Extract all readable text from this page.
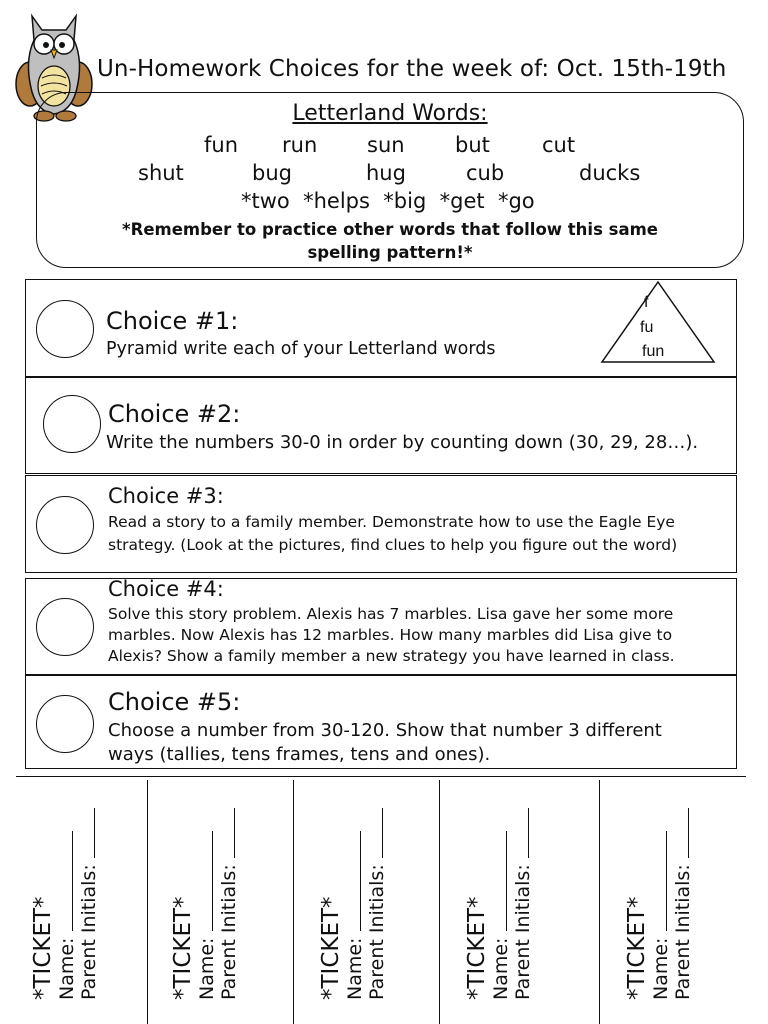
Un-Homework Choices for the week of: Oct. 15th-19th
Letterland Words:
fun run sun but cut
shut	bug	hug	cub	ducks
*two  *helps  *big  *get  *go
*Remember to practice other words that follow this same
spelling pattern!*
Choice #1:
Pyramid write each of your Letterland words
f
fu
fun
Choice #2:
Write the numbers 30-0 in order by counting down (30, 29, 28…).
Choice #3:
Read a story to a family member. Demonstrate how to use the Eagle Eye
strategy. (Look at the pictures, find clues to help you figure out the word)
Choice #4:
Solve this story problem. Alexis has 7 marbles. Lisa gave her some more
marbles. Now Alexis has 12 marbles. How many marbles did Lisa give to
Alexis? Show a family member a new strategy you have learned in class.
Choice #5:
Choose a number from 30-120. Show that number 3 different
ways (tallies, tens frames, tens and ones).
*TICKET* Name: Parent Initials:	*TICKET* Name: Parent Initials:	*TICKET* Name: Parent Initials:	*TICKET* Name: Parent Initials:	*TICKET* Name: Parent Initials:
